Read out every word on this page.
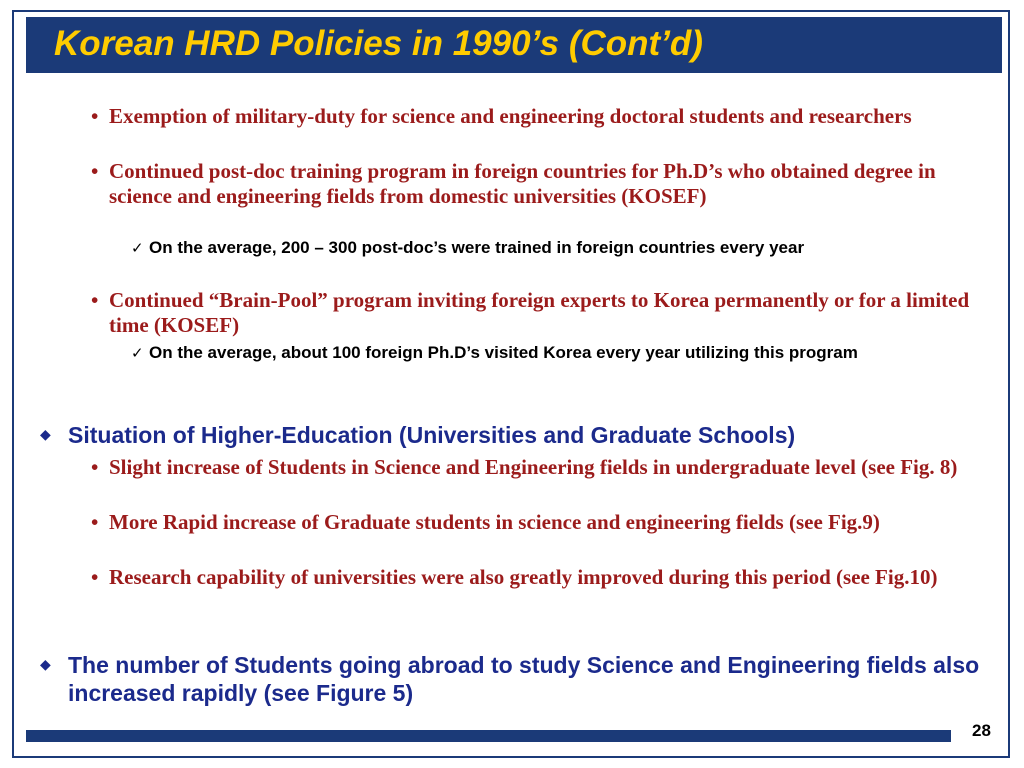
Korean HRD Policies in 1990’s (Cont’d)
• Exemption of military-duty for science and engineering doctoral students and researchers
• Continued post-doc training program in foreign countries for Ph.D’s who obtained degree in science and engineering fields from domestic universities (KOSEF)
✓ On the average, 200 – 300 post-doc’s were trained in foreign countries every year
• Continued “Brain-Pool” program inviting foreign experts to Korea permanently or for a limited time (KOSEF)
✓ On the average, about 100 foreign Ph.D’s visited Korea every year utilizing this program
◆ Situation of Higher-Education (Universities and Graduate Schools)
• Slight increase of Students in Science and Engineering fields in undergraduate level (see Fig. 8)
• More Rapid increase of Graduate students in science and engineering fields (see Fig.9)
• Research capability of universities were also greatly improved during this period (see Fig.10)
◆ The number of Students going abroad to study Science and Engineering fields also increased rapidly (see Figure 5)
28
